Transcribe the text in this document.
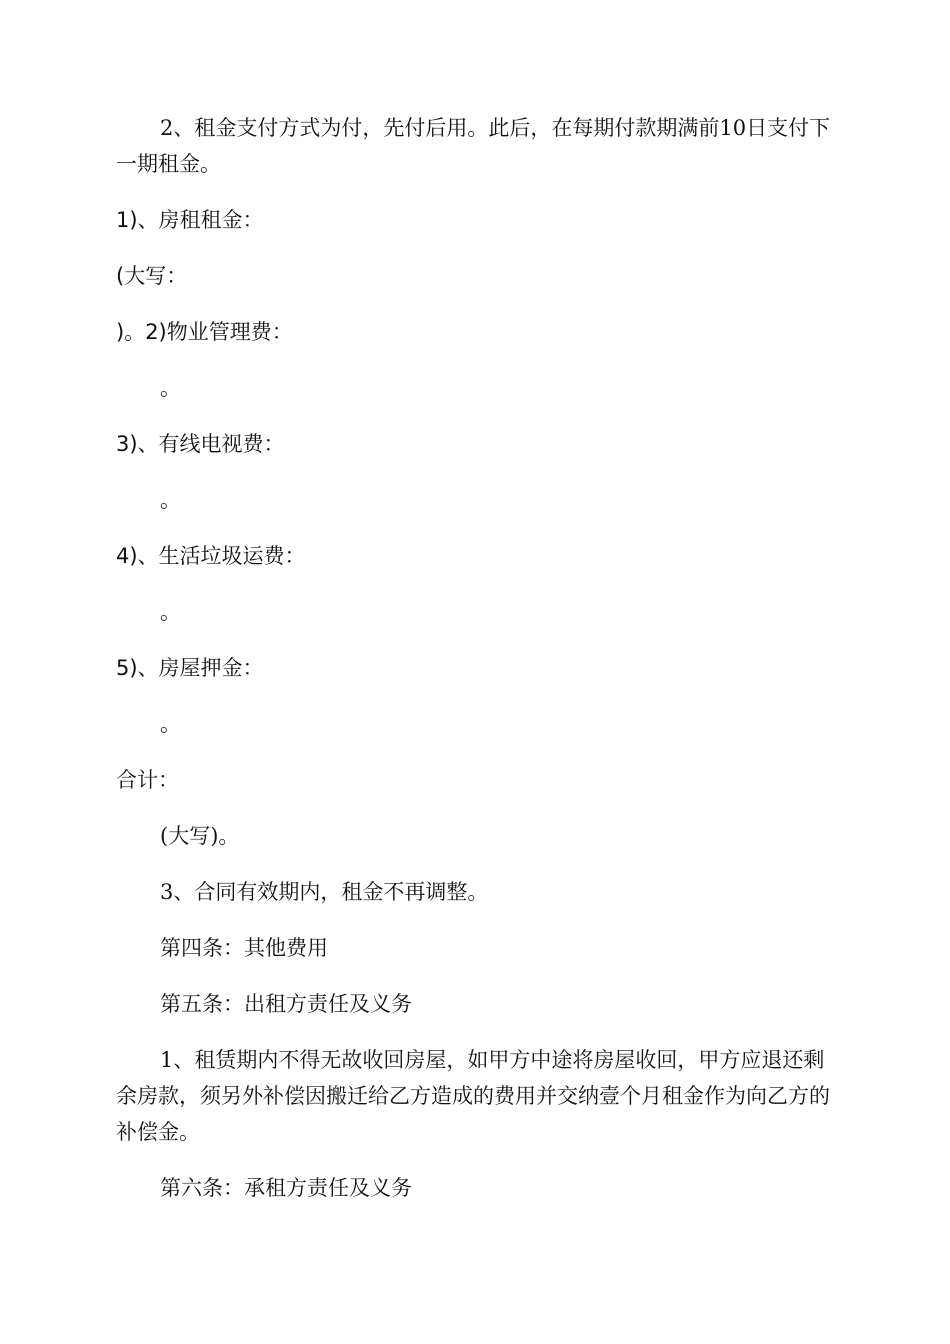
2、租金支付方式为付，先付后用。此后，在每期付款期满前10日支付下一期租金。

1)、房租租金：

(大写：

)。2)物业管理费：

。

3)、有线电视费：

。

4)、生活垃圾运费：

。

5)、房屋押金：

。

合计：

(大写)。

3、合同有效期内，租金不再调整。

第四条：其他费用

第五条：出租方责任及义务

1、租赁期内不得无故收回房屋，如甲方中途将房屋收回，甲方应退还剩余房款，须另外补偿因搬迁给乙方造成的费用并交纳壹个月租金作为向乙方的补偿金。

第六条：承租方责任及义务
